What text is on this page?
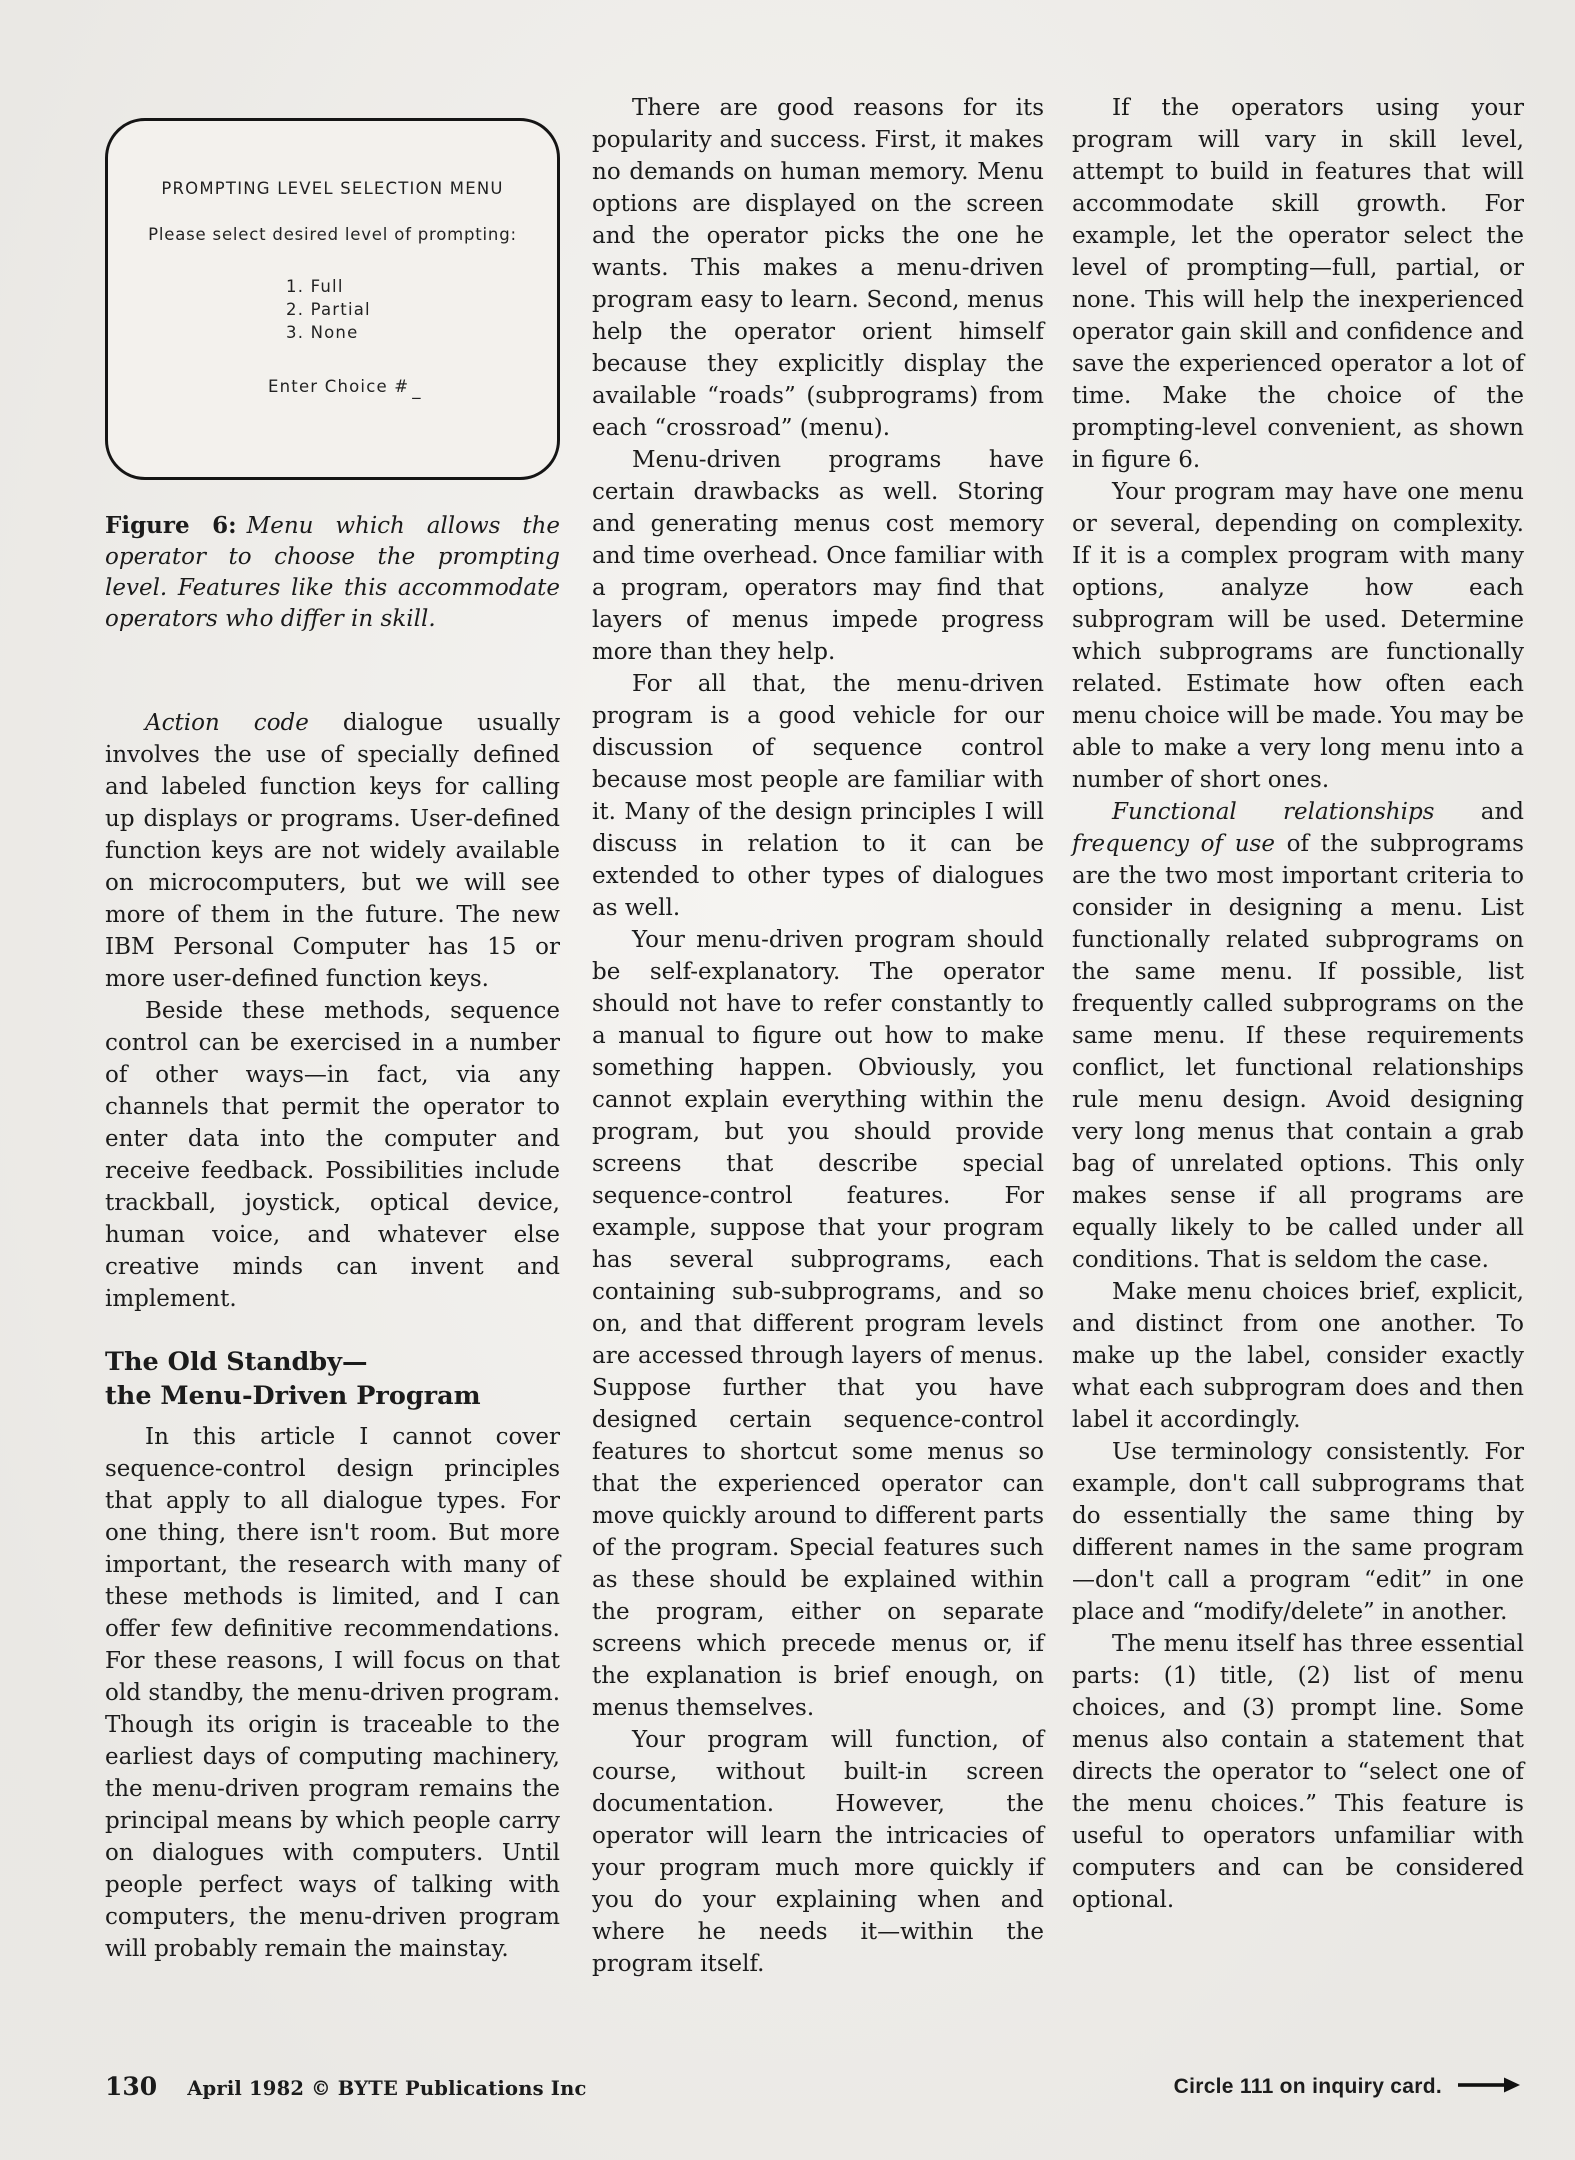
PROMPTING LEVEL SELECTION MENU
Please select desired level of prompting:
1. Full
2. Partial
3. None
Enter Choice # _
Figure 6: Menu which allows the operator to choose the prompting level. Features like this accommodate operators who differ in skill.

Action code dialogue usually involves the use of specially defined and labeled function keys for calling up displays or programs. User-defined function keys are not widely available on microcomputers, but we will see more of them in the future. The new IBM Personal Computer has 15 or more user-defined function keys.

Beside these methods, sequence control can be exercised in a number of other ways—in fact, via any channels that permit the operator to enter data into the computer and receive feedback. Possibilities include trackball, joystick, optical device, human voice, and whatever else creative minds can invent and implement.

The Old Standby—
the Menu-Driven Program

In this article I cannot cover sequence-control design principles that apply to all dialogue types. For one thing, there isn't room. But more important, the research with many of these methods is limited, and I can offer few definitive recommendations. For these reasons, I will focus on that old standby, the menu-driven program. Though its origin is traceable to the earliest days of computing machinery, the menu-driven program remains the principal means by which people carry on dialogues with computers. Until people perfect ways of talking with computers, the menu-driven program will probably remain the mainstay.

There are good reasons for its popularity and success. First, it makes no demands on human memory. Menu options are displayed on the screen and the operator picks the one he wants. This makes a menu-driven program easy to learn. Second, menus help the operator orient himself because they explicitly display the available “roads” (subprograms) from each “crossroad” (menu).

Menu-driven programs have certain drawbacks as well. Storing and generating menus cost memory and time overhead. Once familiar with a program, operators may find that layers of menus impede progress more than they help.

For all that, the menu-driven program is a good vehicle for our discussion of sequence control because most people are familiar with it. Many of the design principles I will discuss in relation to it can be extended to other types of dialogues as well.

Your menu-driven program should be self-explanatory. The operator should not have to refer constantly to a manual to figure out how to make something happen. Obviously, you cannot explain everything within the program, but you should provide screens that describe special sequence-control features. For example, suppose that your program has several subprograms, each containing sub-subprograms, and so on, and that different program levels are accessed through layers of menus. Suppose further that you have designed certain sequence-control features to shortcut some menus so that the experienced operator can move quickly around to different parts of the program. Special features such as these should be explained within the program, either on separate screens which precede menus or, if the explanation is brief enough, on menus themselves.

Your program will function, of course, without built-in screen documentation. However, the operator will learn the intricacies of your program much more quickly if you do your explaining when and where he needs it—within the program itself.

If the operators using your program will vary in skill level, attempt to build in features that will accommodate skill growth. For example, let the operator select the level of prompting—full, partial, or none. This will help the inexperienced operator gain skill and confidence and save the experienced operator a lot of time. Make the choice of the prompting-level convenient, as shown in figure 6.

Your program may have one menu or several, depending on complexity. If it is a complex program with many options, analyze how each subprogram will be used. Determine which subprograms are functionally related. Estimate how often each menu choice will be made. You may be able to make a very long menu into a number of short ones.

Functional relationships and frequency of use of the subprograms are the two most important criteria to consider in designing a menu. List functionally related subprograms on the same menu. If possible, list frequently called subprograms on the same menu. If these requirements conflict, let functional relationships rule menu design. Avoid designing very long menus that contain a grab bag of unrelated options. This only makes sense if all programs are equally likely to be called under all conditions. That is seldom the case.

Make menu choices brief, explicit, and distinct from one another. To make up the label, consider exactly what each subprogram does and then label it accordingly.

Use terminology consistently. For example, don't call subprograms that do essentially the same thing by different names in the same program—don't call a program “edit” in one place and “modify/delete” in another.

The menu itself has three essential parts: (1) title, (2) list of menu choices, and (3) prompt line. Some menus also contain a statement that directs the operator to “select one of the menu choices.” This feature is useful to operators unfamiliar with computers and can be considered optional.

130 April 1982 © BYTE Publications Inc	Circle 111 on inquiry card.
